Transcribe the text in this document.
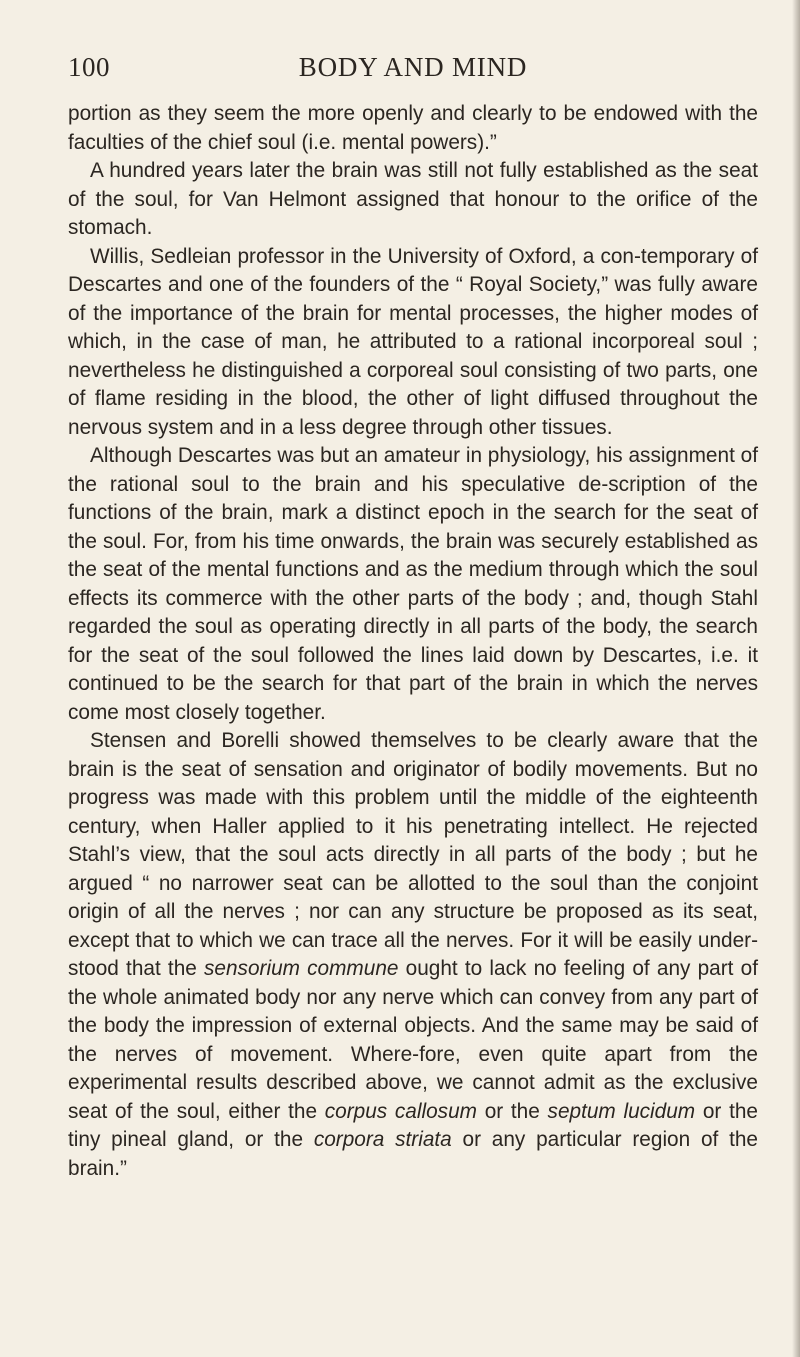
100	BODY AND MIND

portion as they seem the more openly and clearly to be endowed with the faculties of the chief soul (i.e. mental powers).”

A hundred years later the brain was still not fully established as the seat of the soul, for Van Helmont assigned that honour to the orifice of the stomach.

Willis, Sedleian professor in the University of Oxford, a con-temporary of Descartes and one of the founders of the “ Royal Society,” was fully aware of the importance of the brain for mental processes, the higher modes of which, in the case of man, he attributed to a rational incorporeal soul ; nevertheless he distinguished a corporeal soul consisting of two parts, one of flame residing in the blood, the other of light diffused throughout the nervous system and in a less degree through other tissues.

Although Descartes was but an amateur in physiology, his assignment of the rational soul to the brain and his speculative de-scription of the functions of the brain, mark a distinct epoch in the search for the seat of the soul. For, from his time onwards, the brain was securely established as the seat of the mental functions and as the medium through which the soul effects its commerce with the other parts of the body ; and, though Stahl regarded the soul as operating directly in all parts of the body, the search for the seat of the soul followed the lines laid down by Descartes, i.e. it continued to be the search for that part of the brain in which the nerves come most closely together.

Stensen and Borelli showed themselves to be clearly aware that the brain is the seat of sensation and originator of bodily movements. But no progress was made with this problem until the middle of the eighteenth century, when Haller applied to it his penetrating intellect. He rejected Stahl’s view, that the soul acts directly in all parts of the body ; but he argued “ no narrower seat can be allotted to the soul than the conjoint origin of all the nerves ; nor can any structure be proposed as its seat, except that to which we can trace all the nerves. For it will be easily under-stood that the sensorium commune ought to lack no feeling of any part of the whole animated body nor any nerve which can convey from any part of the body the impression of external objects. And the same may be said of the nerves of movement. Where-fore, even quite apart from the experimental results described above, we cannot admit as the exclusive seat of the soul, either the corpus callosum or the septum lucidum or the tiny pineal gland, or the corpora striata or any particular region of the brain.”
